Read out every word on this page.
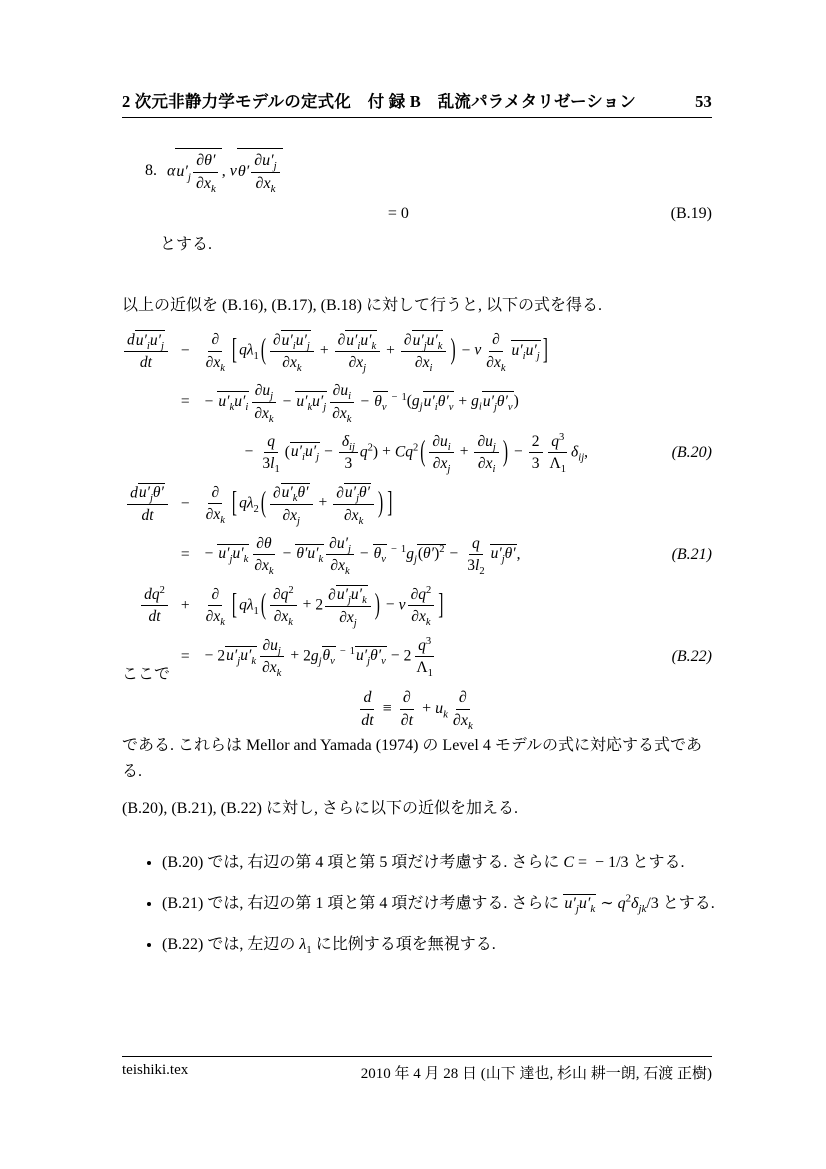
2 次元非静力学モデルの定式化　付 録 B　乱流パラメタリゼーション	53
8. $\alpha u'_j \frac{\partial\theta'}{\partial x_k}$ , $\nu\theta' \frac{\partial u'_j}{\partial x_k}$
= 0	(B.19)
とする.
以上の近似を (B.16), (B.17), (B.18) に対して行うと, 以下の式を得る.
$\frac{du'_iu'_j}{dt} - \frac{\partial}{\partial x_k}$ [ $q\lambda_1$ ( $\frac{\partial u'_iu'_j}{\partial x_k} + \frac{\partial u'_iu'_k}{\partial x_j} + \frac{\partial u'_ju'_k}{\partial x_i}$ ) − ν $\frac{\partial}{\partial x_k} u'_iu'_j$ ]
= − $u'_ku'_i \frac{\partial u_j}{\partial x_k} - u'_ku'_j \frac{\partial u_i}{\partial x_k} - \theta_v^{- 1}(g_ju'_i\theta'_v + g_iu'_j\theta'_v)$
− $\frac{q}{3l_1} (u'_iu'_j - \frac{\delta_{ij}}{3} q^2) + Cq^2$ ( $\frac{\partial u_i}{\partial x_j} + \frac{\partial u_j}{\partial x_i}$ ) − $\frac{2}{3} \frac{q^3}{\Lambda_1} \delta_{ij}$,	(B.20)
$\frac{du'_j\theta'}{dt} - \frac{\partial}{\partial x_k}$ [ $q\lambda_2$ ( $\frac{\partial u'_k\theta'}{\partial x_j} + \frac{\partial u'_j\theta'}{\partial x_k}$ ) ]
= − $u'_ju'_k \frac{\partial\theta}{\partial x_k} - \theta'u'_k \frac{\partial u'_j}{\partial x_k} - \theta_v^{- 1}g_j(\theta')^2 - \frac{q}{3l_2} u'_j\theta'$,	(B.21)
$\frac{dq^2}{dt} + \frac{\partial}{\partial x_k}$ [ $q\lambda_1$ ( $\frac{\partial q^2}{\partial x_k} + 2 \frac{\partial u'_ju'_k}{\partial x_j}$ ) − ν $\frac{\partial q^2}{\partial x_k}$ ]
= − $2u'_ju'_k \frac{\partial u_j}{\partial x_k} + 2g_j\theta_v^{- 1}u'_j\theta'_v - 2 \frac{q^3}{\Lambda_1}$	(B.22)
ここで
$\frac{d}{dt} \equiv \frac{\partial}{\partial t} + u_k \frac{\partial}{\partial x_k}$
である. これらは Mellor and Yamada (1974) の Level 4 モデルの式に対応する式である.
(B.20), (B.21), (B.22) に対し, さらに以下の近似を加える.
• (B.20) では, 右辺の第 4 項と第 5 項だけ考慮する. さらに C = − 1/3 とする.
• (B.21) では, 右辺の第 1 項と第 4 項だけ考慮する. さらに $u'_ju'_k$ ∼ $q^2\delta_{jk}/3$ とする.
• (B.22) では, 左辺の $\lambda_1$ に比例する項を無視する.
teishiki.tex	2010 年 4 月 28 日 (山下 達也, 杉山 耕一朗, 石渡 正樹)
